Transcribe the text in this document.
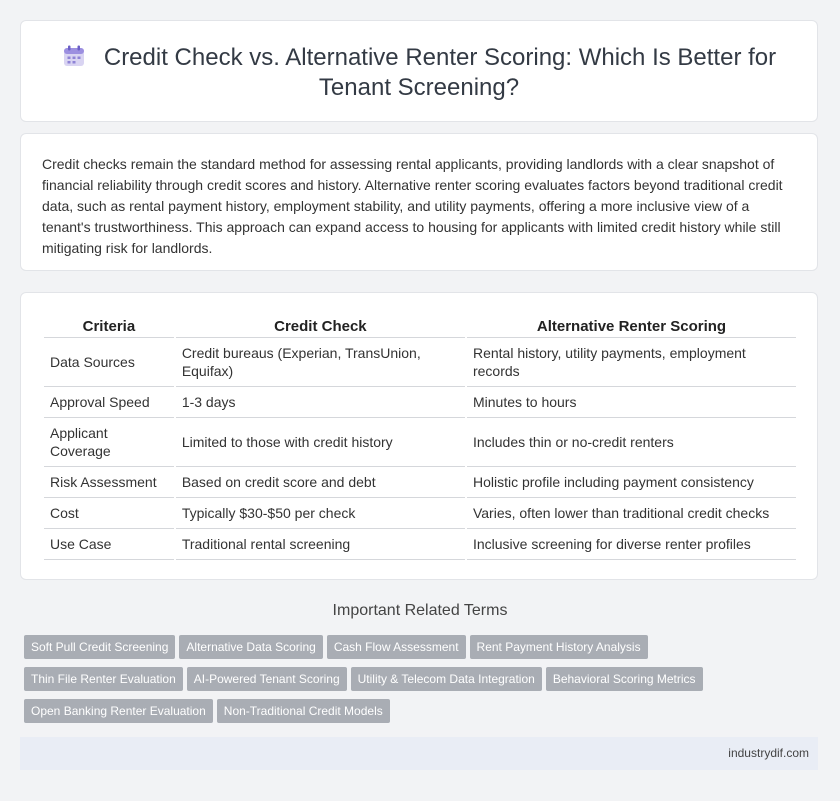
Credit Check vs. Alternative Renter Scoring: Which Is Better for Tenant Screening?

Credit checks remain the standard method for assessing rental applicants, providing landlords with a clear snapshot of financial reliability through credit scores and history. Alternative renter scoring evaluates factors beyond traditional credit data, such as rental payment history, employment stability, and utility payments, offering a more inclusive view of a tenant's trustworthiness. This approach can expand access to housing for applicants with limited credit history while still mitigating risk for landlords.

Criteria	Credit Check	Alternative Renter Scoring
Data Sources	Credit bureaus (Experian, TransUnion, Equifax)	Rental history, utility payments, employment records
Approval Speed	1-3 days	Minutes to hours
Applicant Coverage	Limited to those with credit history	Includes thin or no-credit renters
Risk Assessment	Based on credit score and debt	Holistic profile including payment consistency
Cost	Typically $30-$50 per check	Varies, often lower than traditional credit checks
Use Case	Traditional rental screening	Inclusive screening for diverse renter profiles
Important Related Terms
Soft Pull Credit Screening Alternative Data Scoring Cash Flow Assessment Rent Payment History Analysis
Thin File Renter Evaluation AI-Powered Tenant Scoring Utility & Telecom Data Integration Behavioral Scoring Metrics
Open Banking Renter Evaluation Non-Traditional Credit Models
industrydif.com
